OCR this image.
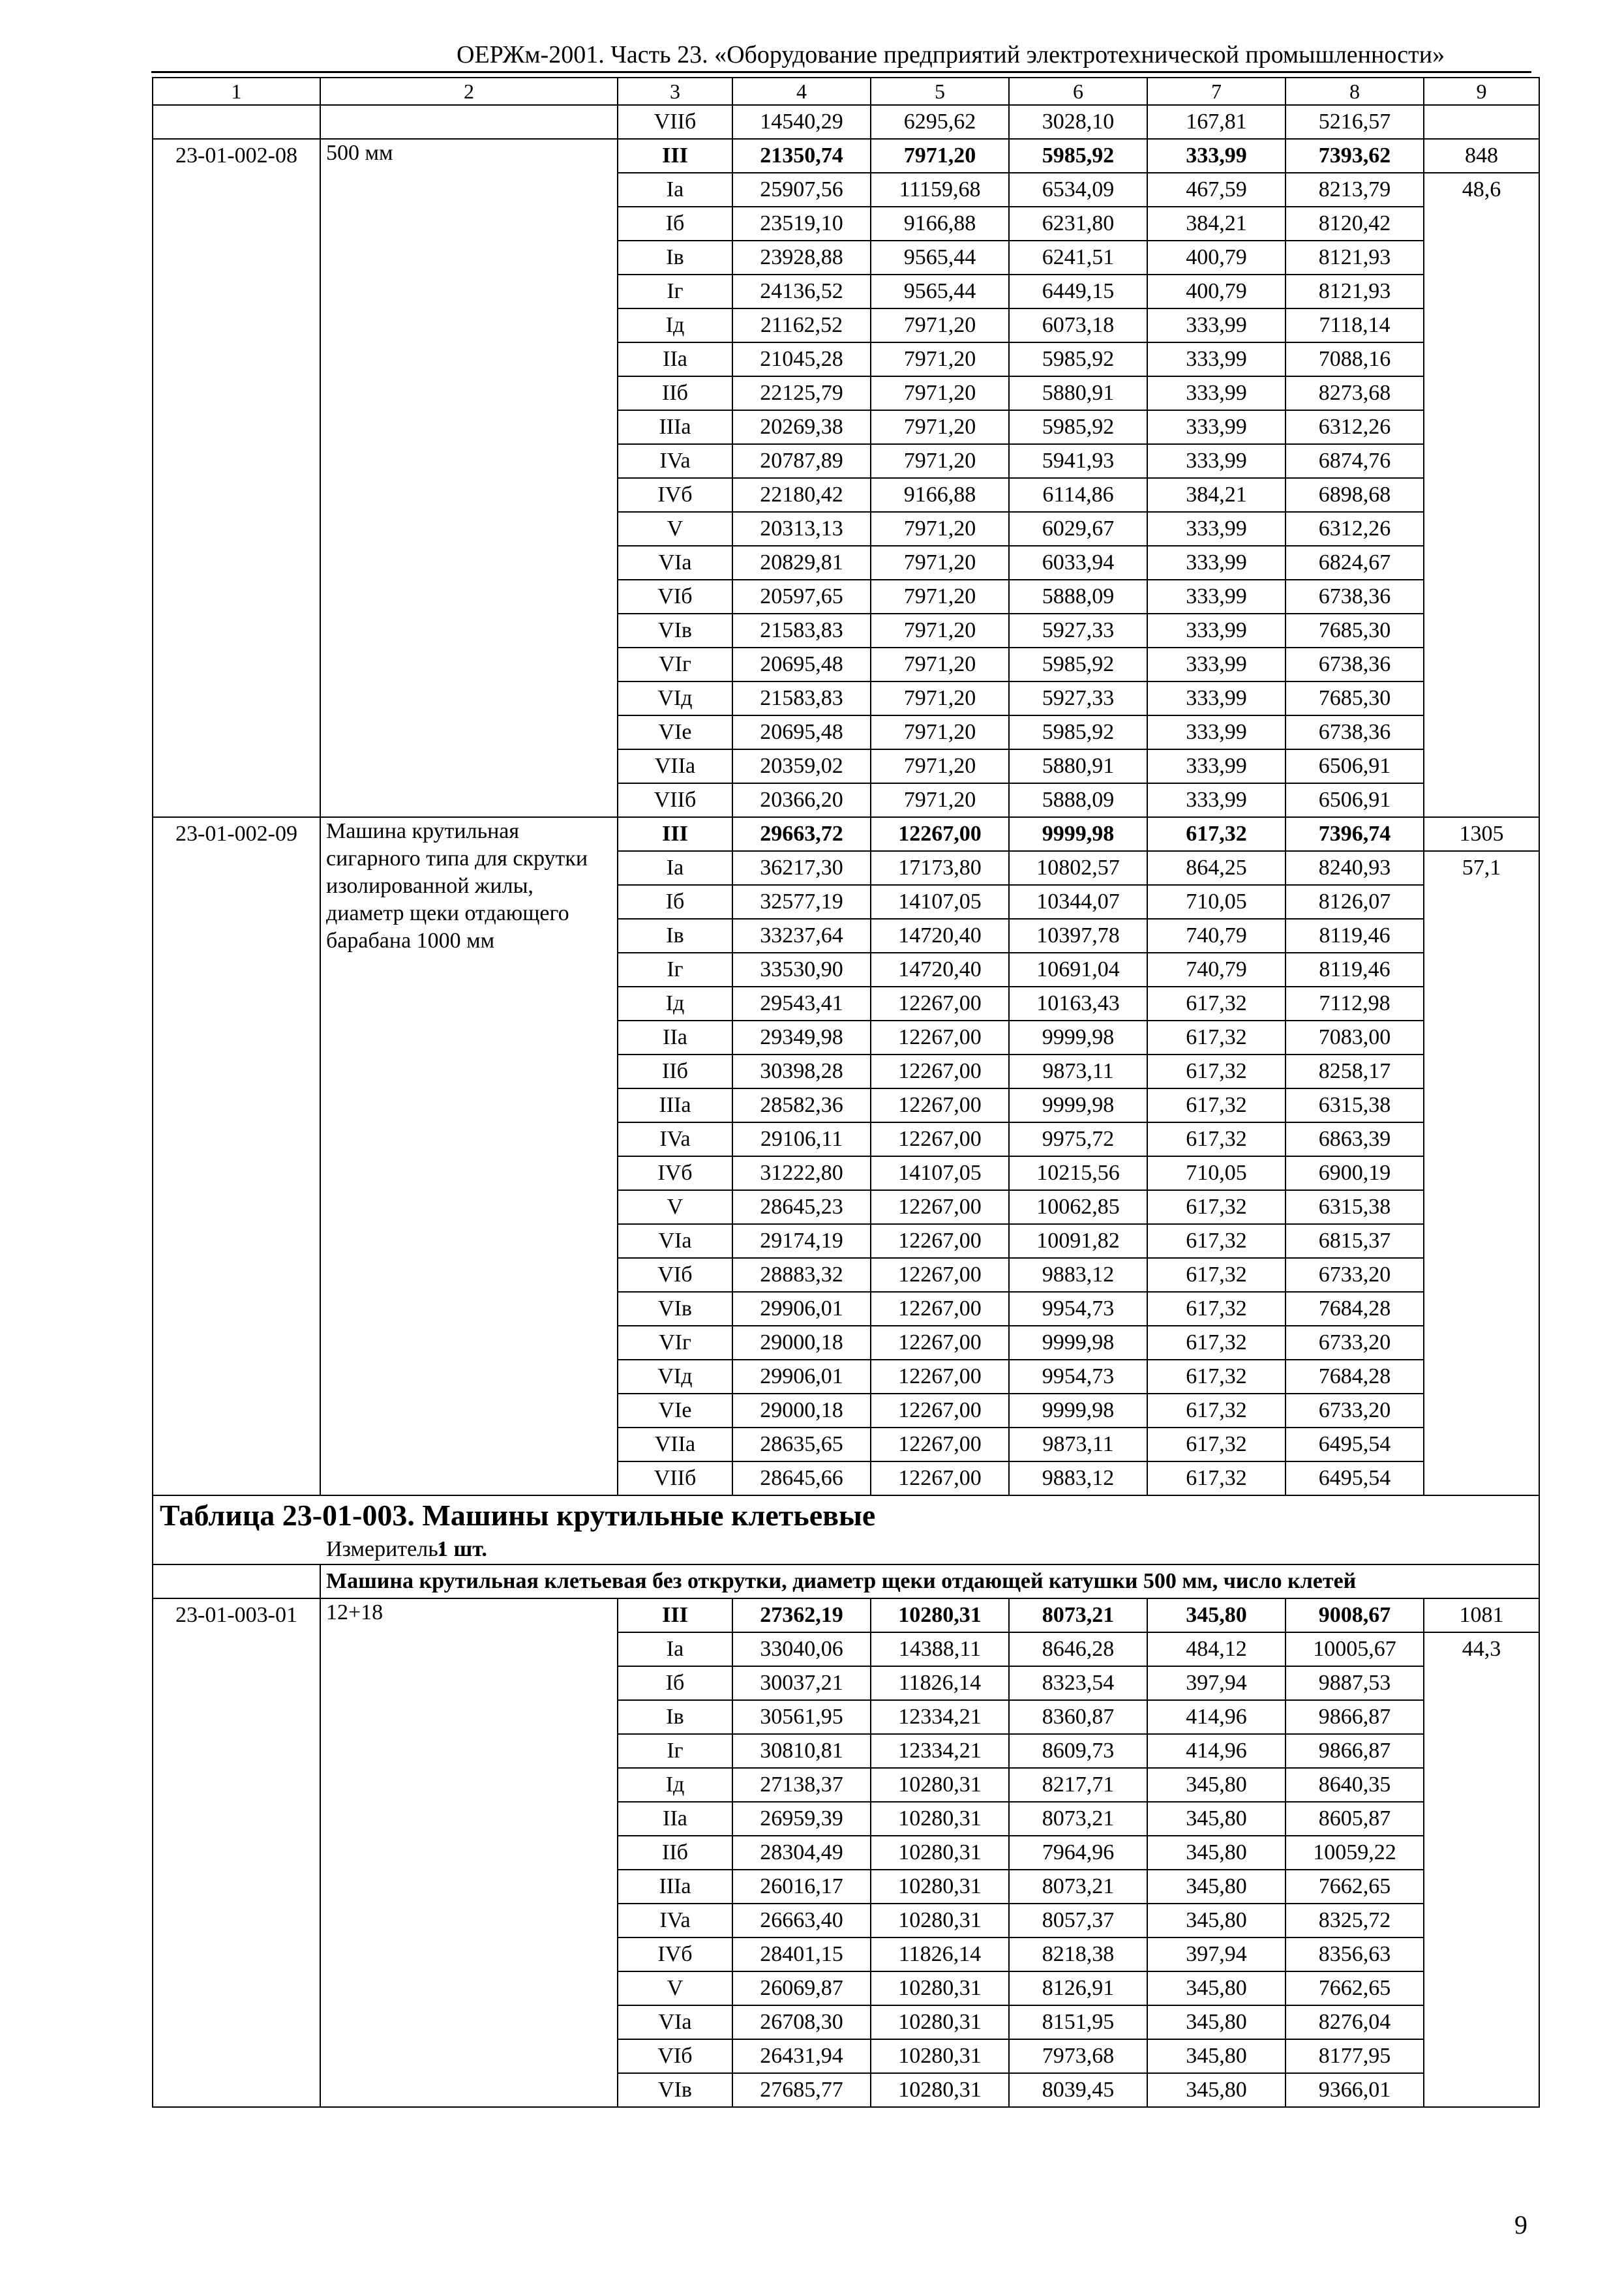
ОЕРЖм-2001. Часть 23. «Оборудование предприятий электротехнической промышленности»
1	2	3	4	5	6	7	8	9
		VIIб	14540,29	6295,62	3028,10	167,81	5216,57	
23-01-002-08	500 мм	III	21350,74	7971,20	5985,92	333,99	7393,62	848
		Ia	25907,56	11159,68	6534,09	467,59	8213,79	48,6
		Iб	23519,10	9166,88	6231,80	384,21	8120,42	
		Iв	23928,88	9565,44	6241,51	400,79	8121,93	
		Iг	24136,52	9565,44	6449,15	400,79	8121,93	
		Iд	21162,52	7971,20	6073,18	333,99	7118,14	
		IIa	21045,28	7971,20	5985,92	333,99	7088,16	
		IIб	22125,79	7971,20	5880,91	333,99	8273,68	
		IIIa	20269,38	7971,20	5985,92	333,99	6312,26	
		IVa	20787,89	7971,20	5941,93	333,99	6874,76	
		IVб	22180,42	9166,88	6114,86	384,21	6898,68	
		V	20313,13	7971,20	6029,67	333,99	6312,26	
		VIa	20829,81	7971,20	6033,94	333,99	6824,67	
		VIб	20597,65	7971,20	5888,09	333,99	6738,36	
		VIв	21583,83	7971,20	5927,33	333,99	7685,30	
		VIг	20695,48	7971,20	5985,92	333,99	6738,36	
		VIд	21583,83	7971,20	5927,33	333,99	7685,30	
		VIe	20695,48	7971,20	5985,92	333,99	6738,36	
		VIIa	20359,02	7971,20	5880,91	333,99	6506,91	
		VIIб	20366,20	7971,20	5888,09	333,99	6506,91	
23-01-002-09	Машина крутильная сигарного типа для скрутки изолированной жилы, диаметр щеки отдающего барабана 1000 мм	III	29663,72	12267,00	9999,98	617,32	7396,74	1305
		Ia	36217,30	17173,80	10802,57	864,25	8240,93	57,1
		Iб	32577,19	14107,05	10344,07	710,05	8126,07	
		Iв	33237,64	14720,40	10397,78	740,79	8119,46	
		Iг	33530,90	14720,40	10691,04	740,79	8119,46	
		Iд	29543,41	12267,00	10163,43	617,32	7112,98	
		IIa	29349,98	12267,00	9999,98	617,32	7083,00	
		IIб	30398,28	12267,00	9873,11	617,32	8258,17	
		IIIa	28582,36	12267,00	9999,98	617,32	6315,38	
		IVa	29106,11	12267,00	9975,72	617,32	6863,39	
		IVб	31222,80	14107,05	10215,56	710,05	6900,19	
		V	28645,23	12267,00	10062,85	617,32	6315,38	
		VIa	29174,19	12267,00	10091,82	617,32	6815,37	
		VIб	28883,32	12267,00	9883,12	617,32	6733,20	
		VIв	29906,01	12267,00	9954,73	617,32	7684,28	
		VIг	29000,18	12267,00	9999,98	617,32	6733,20	
		VIд	29906,01	12267,00	9954,73	617,32	7684,28	
		VIe	29000,18	12267,00	9999,98	617,32	6733,20	
		VIIa	28635,65	12267,00	9873,11	617,32	6495,54	
		VIIб	28645,66	12267,00	9883,12	617,32	6495,54	
Таблица 23-01-003. Машины крутильные клетьевые								
Измеритель:1 шт.								
	Машина крутильная клетьевая без открутки, диаметр щеки отдающей катушки 500 мм, число клетей							
23-01-003-01	12+18	III	27362,19	10280,31	8073,21	345,80	9008,67	1081
		Ia	33040,06	14388,11	8646,28	484,12	10005,67	44,3
		Iб	30037,21	11826,14	8323,54	397,94	9887,53	
		Iв	30561,95	12334,21	8360,87	414,96	9866,87	
		Iг	30810,81	12334,21	8609,73	414,96	9866,87	
		Iд	27138,37	10280,31	8217,71	345,80	8640,35	
		IIa	26959,39	10280,31	8073,21	345,80	8605,87	
		IIб	28304,49	10280,31	7964,96	345,80	10059,22	
		IIIa	26016,17	10280,31	8073,21	345,80	7662,65	
		IVa	26663,40	10280,31	8057,37	345,80	8325,72	
		IVб	28401,15	11826,14	8218,38	397,94	8356,63	
		V	26069,87	10280,31	8126,91	345,80	7662,65	
		VIa	26708,30	10280,31	8151,95	345,80	8276,04	
		VIб	26431,94	10280,31	7973,68	345,80	8177,95	
		VIв	27685,77	10280,31	8039,45	345,80	9366,01	
9
